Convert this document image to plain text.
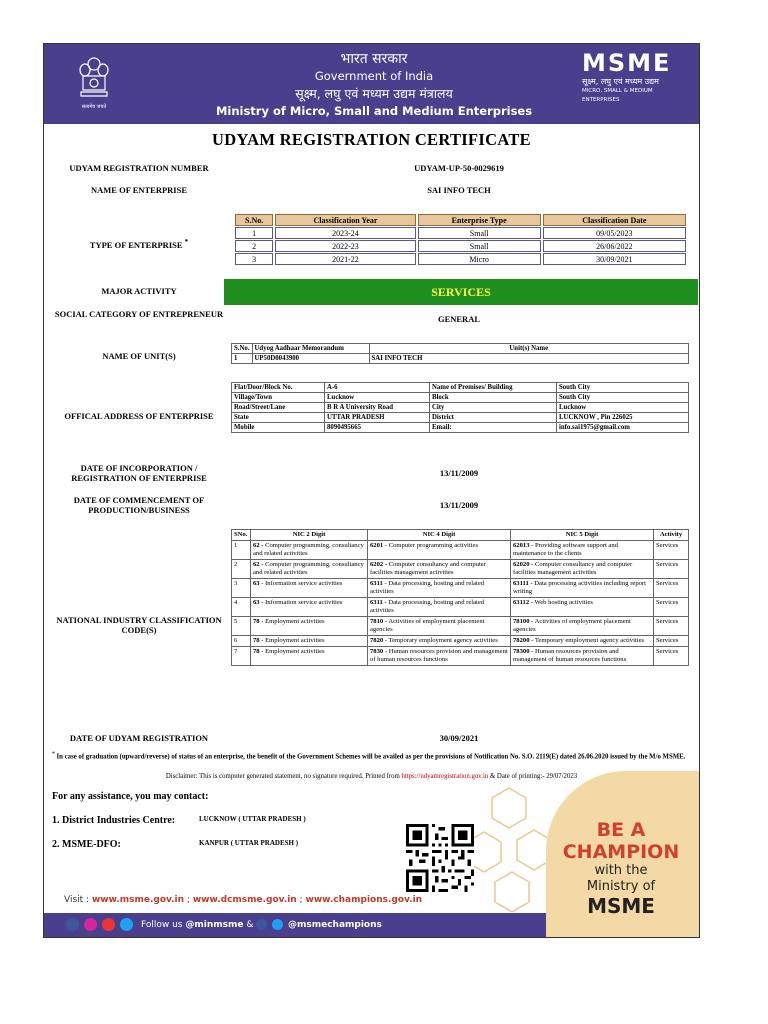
सत्यमेव जयते
भारत सरकार
Government of India
सूक्ष्म, लघु एवं मध्यम उद्यम मंत्रालय
Ministry of Micro, Small and Medium Enterprises
MSME
सूक्ष्म, लघु एवं मध्यम उद्यम
MICRO, SMALL & MEDIUM ENTERPRISES
UDYAM REGISTRATION CERTIFICATE
UDYAM REGISTRATION NUMBER	UDYAM-UP-50-0029619
NAME OF ENTERPRISE	SAI INFO TECH
TYPE OF ENTERPRISE *
S.No.	Classification Year	Enterprise Type	Classification Date
1	2023-24	Small	09/05/2023
2	2022-23	Small	26/06/2022
3	2021-22	Micro	30/09/2021
MAJOR ACTIVITY	SERVICES
SOCIAL CATEGORY OF ENTREPRENEUR	GENERAL
NAME OF UNIT(S)
S.No.	Udyog Aadhaar Memorandum	Unit(s) Name
1	UP50D0043900	SAI INFO TECH
OFFICAL ADDRESS OF ENTERPRISE
Flat/Door/Block No.	A-6	Name of Premises/ Building	South City
Village/Town	Lucknow	Block	South City
Road/Street/Lane	B R A University Road	City	Lucknow
State	UTTAR PRADESH	District	LUCKNOW , Pin 226025
Mobile	8090495665	Email:	info.sai1975@gmail.com
DATE OF INCORPORATION / REGISTRATION OF ENTERPRISE	13/11/2009
DATE OF COMMENCEMENT OF PRODUCTION/BUSINESS	13/11/2009
NATIONAL INDUSTRY CLASSIFICATION CODE(S)
SNo.	NIC 2 Digit	NIC 4 Digit	NIC 5 Digit	Activity
1	62 - Computer programming, consultancy and related activities	6201 - Computer programming activities	62013 - Providing software support and maintenance to the clients	Services
2	62 - Computer programming, consultancy and related activities	6202 - Computer consultancy and computer facilities management activities	62020 - Computer consultancy and computer facilities management activities	Services
3	63 - Information service activities	6311 - Data processing, hosting and related activities	63111 - Data processing activities including report writing	Services
4	63 - Information service activities	6311 - Data processing, hosting and related activities	63112 - Web hosting activities	Services
5	78 - Employment activities	7810 - Activities of employment placement agencies	78100 - Activities of employment placement agencies	Services
6	78 - Employment activities	7820 - Temporary employment agency activities	78200 - Temporary employment agency activities	Services
7	78 - Employment activities	7830 - Human resources provision and management of human resources functions	78300 - Human resources provision and management of human resources functions	Services
DATE OF UDYAM REGISTRATION	30/09/2021
* In case of graduation (upward/reverse) of status of an enterprise, the benefit of the Government Schemes will be availed as per the provisions of Notification No. S.O. 2119(E) dated 26.06.2020 issued by the M/o MSME.
Disclaimer: This is computer generated statement, no signature required. Printed from https://udyamregistration.gov.in & Date of printing:- 29/07/2023
For any assistance, you may contact:
1. District Industries Centre:	LUCKNOW ( UTTAR PRADESH )
2. MSME-DFO:	KANPUR ( UTTAR PRADESH )
BE A
CHAMPION
with the
Ministry of
MSME
Visit : www.msme.gov.in ; www.dcmsme.gov.in ; www.champions.gov.in

Follow us @minmsme &	@msmechampions
